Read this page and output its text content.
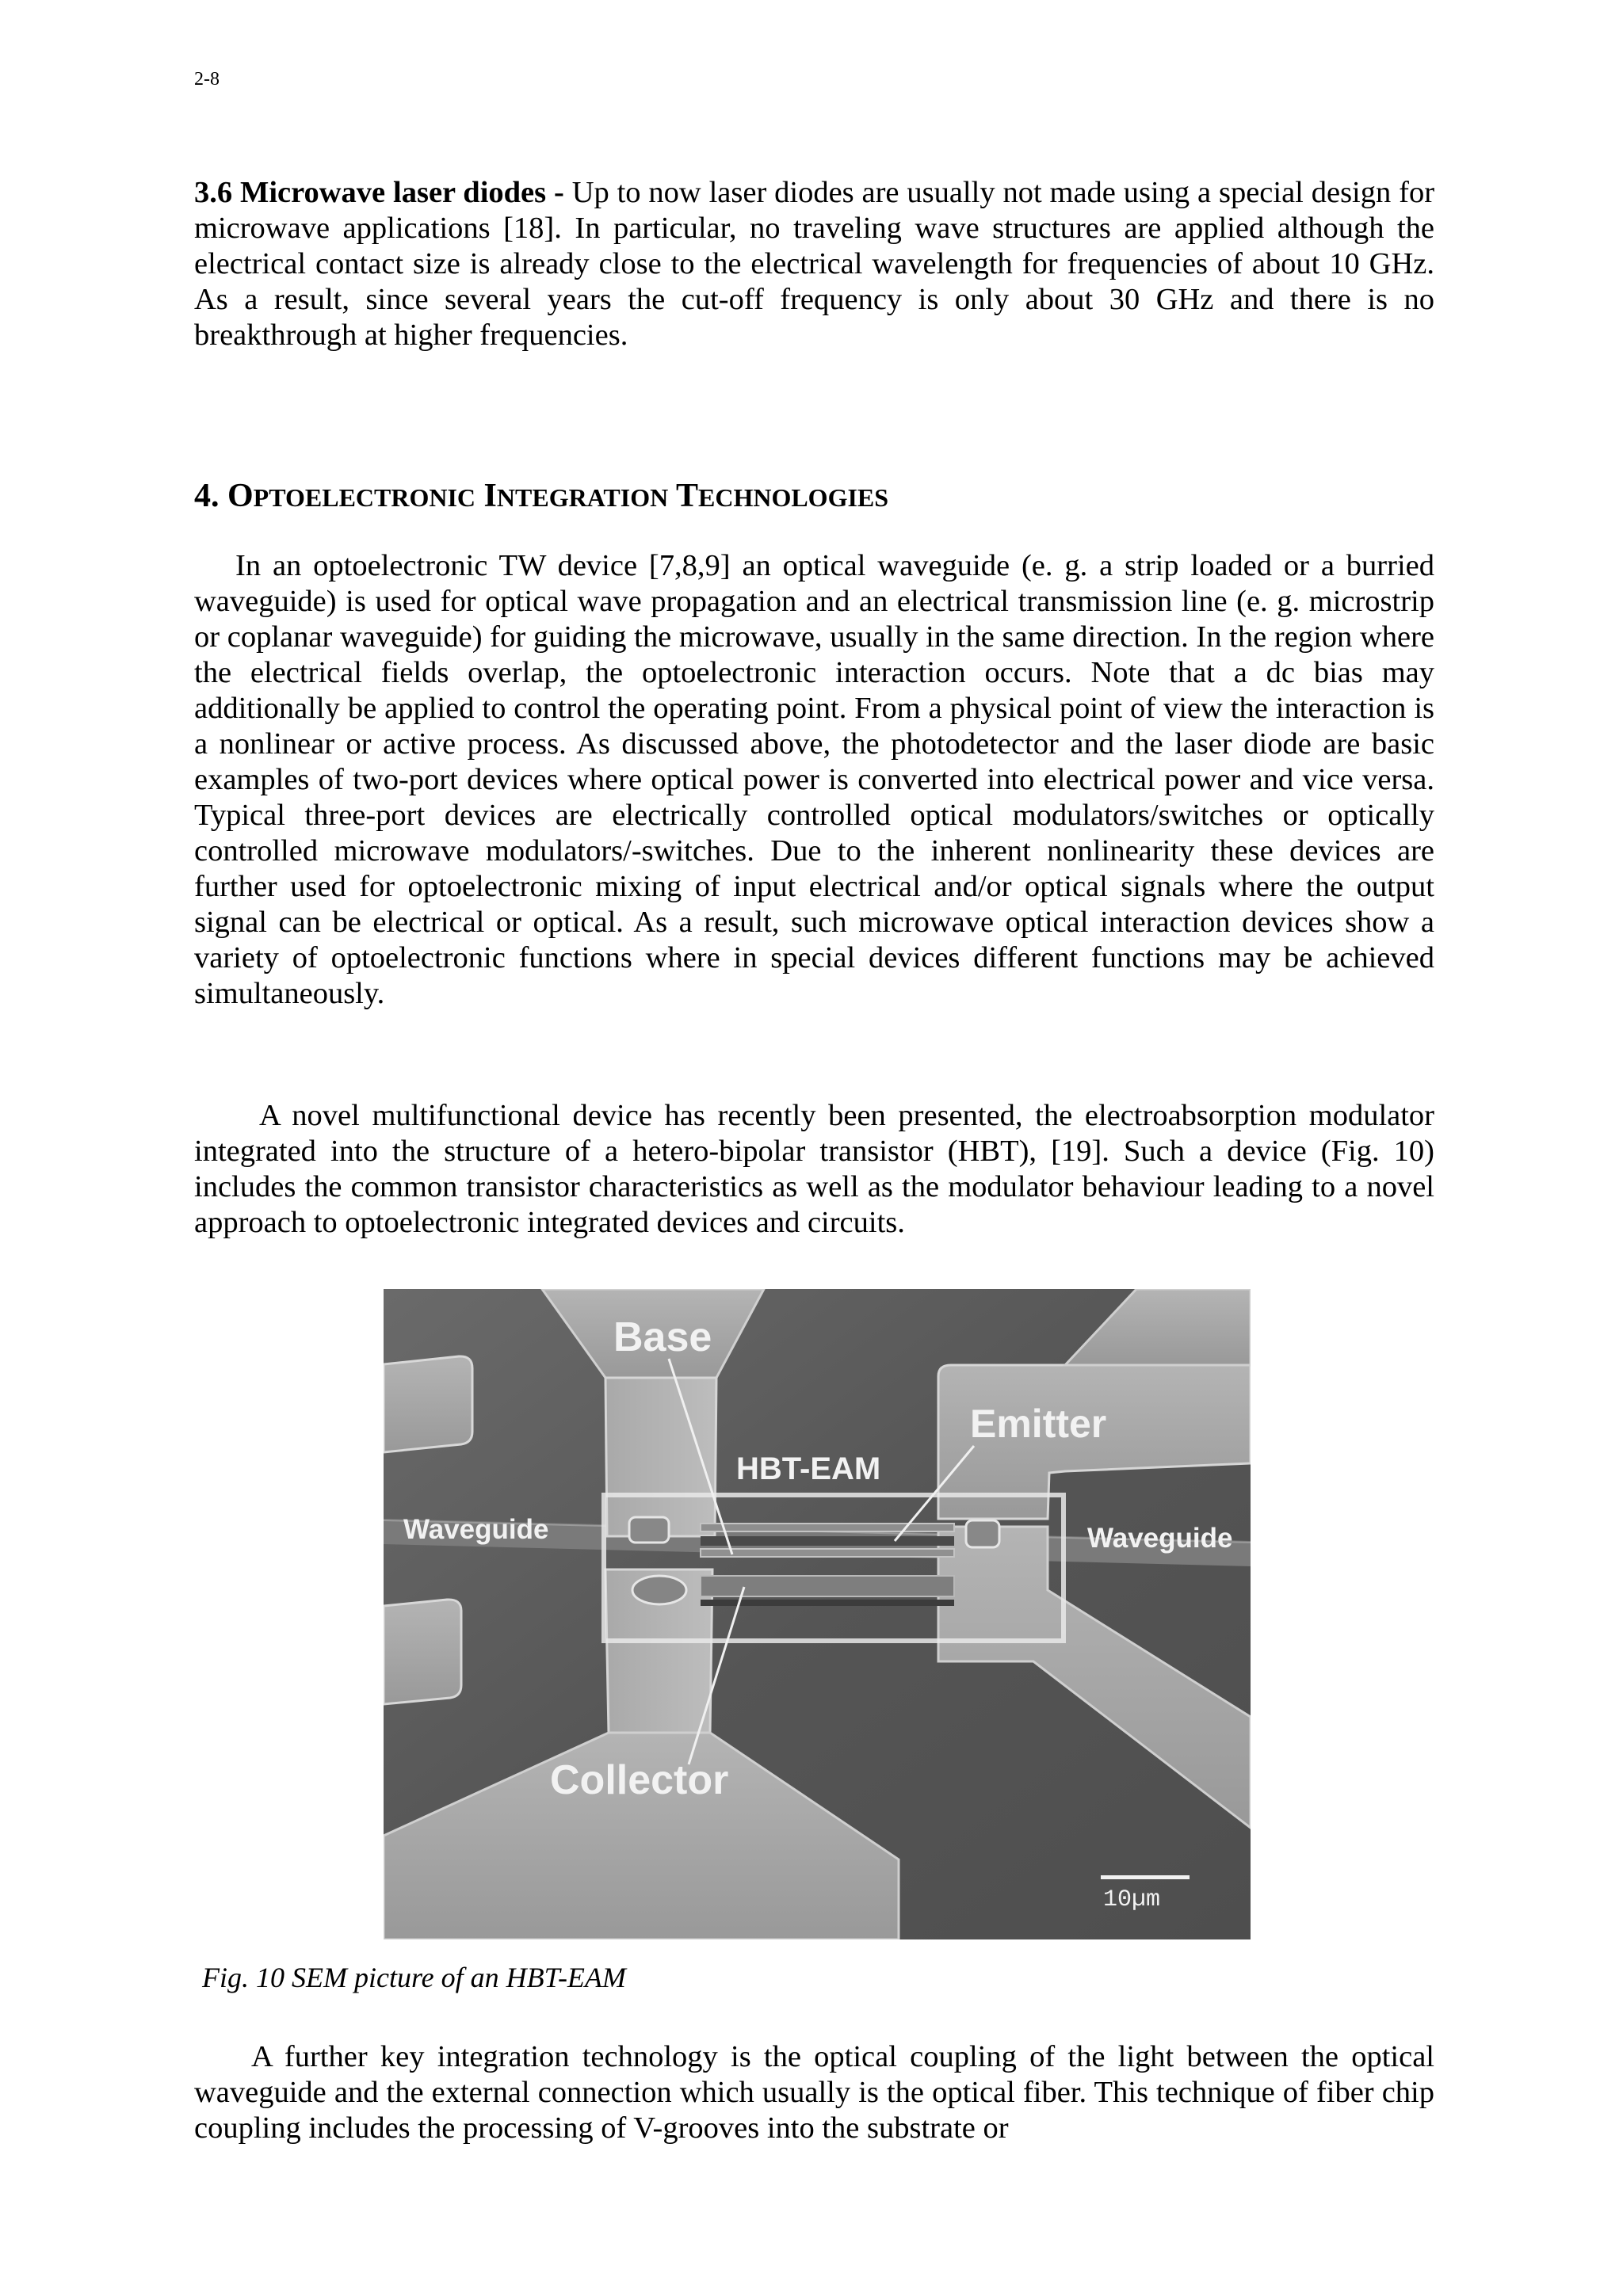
2-8

3.6 Microwave laser diodes - Up to now laser diodes are usually not made using a special design for microwave applications [18]. In particular, no traveling wave structures are applied although the electrical contact size is already close to the electrical wavelength for frequencies of about 10 GHz. As a result, since several years the cut-off frequency is only about 30 GHz and there is no breakthrough at higher frequencies.

4. OPTOELECTRONIC INTEGRATION TECHNOLOGIES

In an optoelectronic TW device [7,8,9] an optical waveguide (e. g. a strip loaded or a burried waveguide) is used for optical wave propagation and an electrical transmission line (e. g. microstrip or coplanar waveguide) for guiding the microwave, usually in the same direction. In the region where the electrical fields overlap, the optoelectronic interaction occurs. Note that a dc bias may additionally be applied to control the operating point. From a physical point of view the interaction is a nonlinear or active process. As discussed above, the photodetector and the laser diode are basic examples of two-port devices where optical power is converted into electrical power and vice versa. Typical three-port devices are electrically controlled optical modulators/switches or optically controlled microwave modulators/-switches. Due to the inherent nonlinearity these devices are further used for optoelectronic mixing of input electrical and/or optical signals where the output signal can be electrical or optical. As a result, such microwave optical interaction devices show a variety of optoelectronic functions where in special devices different functions may be achieved simultaneously.

A novel multifunctional device has recently been presented, the electroabsorption modulator integrated into the structure of a hetero-bipolar transistor (HBT), [19]. Such a device (Fig. 10) includes the common transistor characteristics as well as the modulator behaviour leading to a novel approach to optoelectronic integrated devices and circuits.

Base
Emitter
HBT-EAM
Waveguide	Waveguide
Collector
10µm

Fig. 10 SEM picture of an HBT-EAM

A further key integration technology is the optical coupling of the light between the optical waveguide and the external connection which usually is the optical fiber. This technique of fiber chip coupling includes the processing of V-grooves into the substrate or
